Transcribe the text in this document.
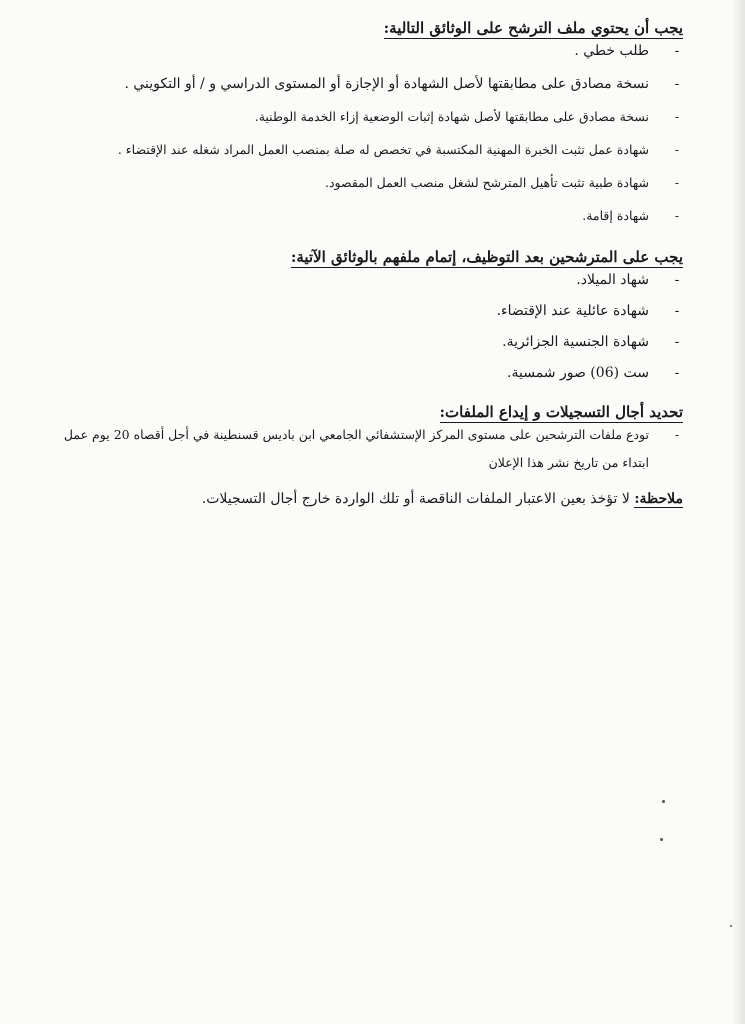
يجب أن يحتوي ملف الترشح على الوثائق التالية:

-
طلب خطي .
-
نسخة مصادق على مطابقتها لأصل الشهادة أو الإجازة أو المستوى الدراسي و / أو التكويني .
-
نسخة مصادق على مطابقتها لأصل شهادة إثبات الوضعية إزاء الخدمة الوطنية.
-
شهادة عمل تثبت الخبرة المهنية المكتسبة في تخصص له صلة بمنصب العمل المراد شغله عند الإقتضاء .
-
شهادة طبية تثبت تأهيل المترشح لشغل منصب العمل المقصود.
-
شهادة إقامة.

يجب على المترشحين بعد التوظيف، إتمام ملفهم بالوثائق الآتية:

-
شهاد الميلاد.
-
شهادة عائلية عند الإقتضاء.
-
شهادة الجنسية الجزائرية.
-
ست (06) صور شمسية.

تحديد أجال التسجيلات و إيداع الملفات:

-
تودع ملفات الترشحين على مستوى المركز الإستشفائي الجامعي ابن باديس قسنطينة في أجل أقصاه 20 يوم عمل

ابتداء من تاريخ نشر هذا الإعلان

ملاحظة: لا تؤخذ بعين الاعتبار الملفات الناقصة أو تلك الواردة خارج أجال التسجيلات.
